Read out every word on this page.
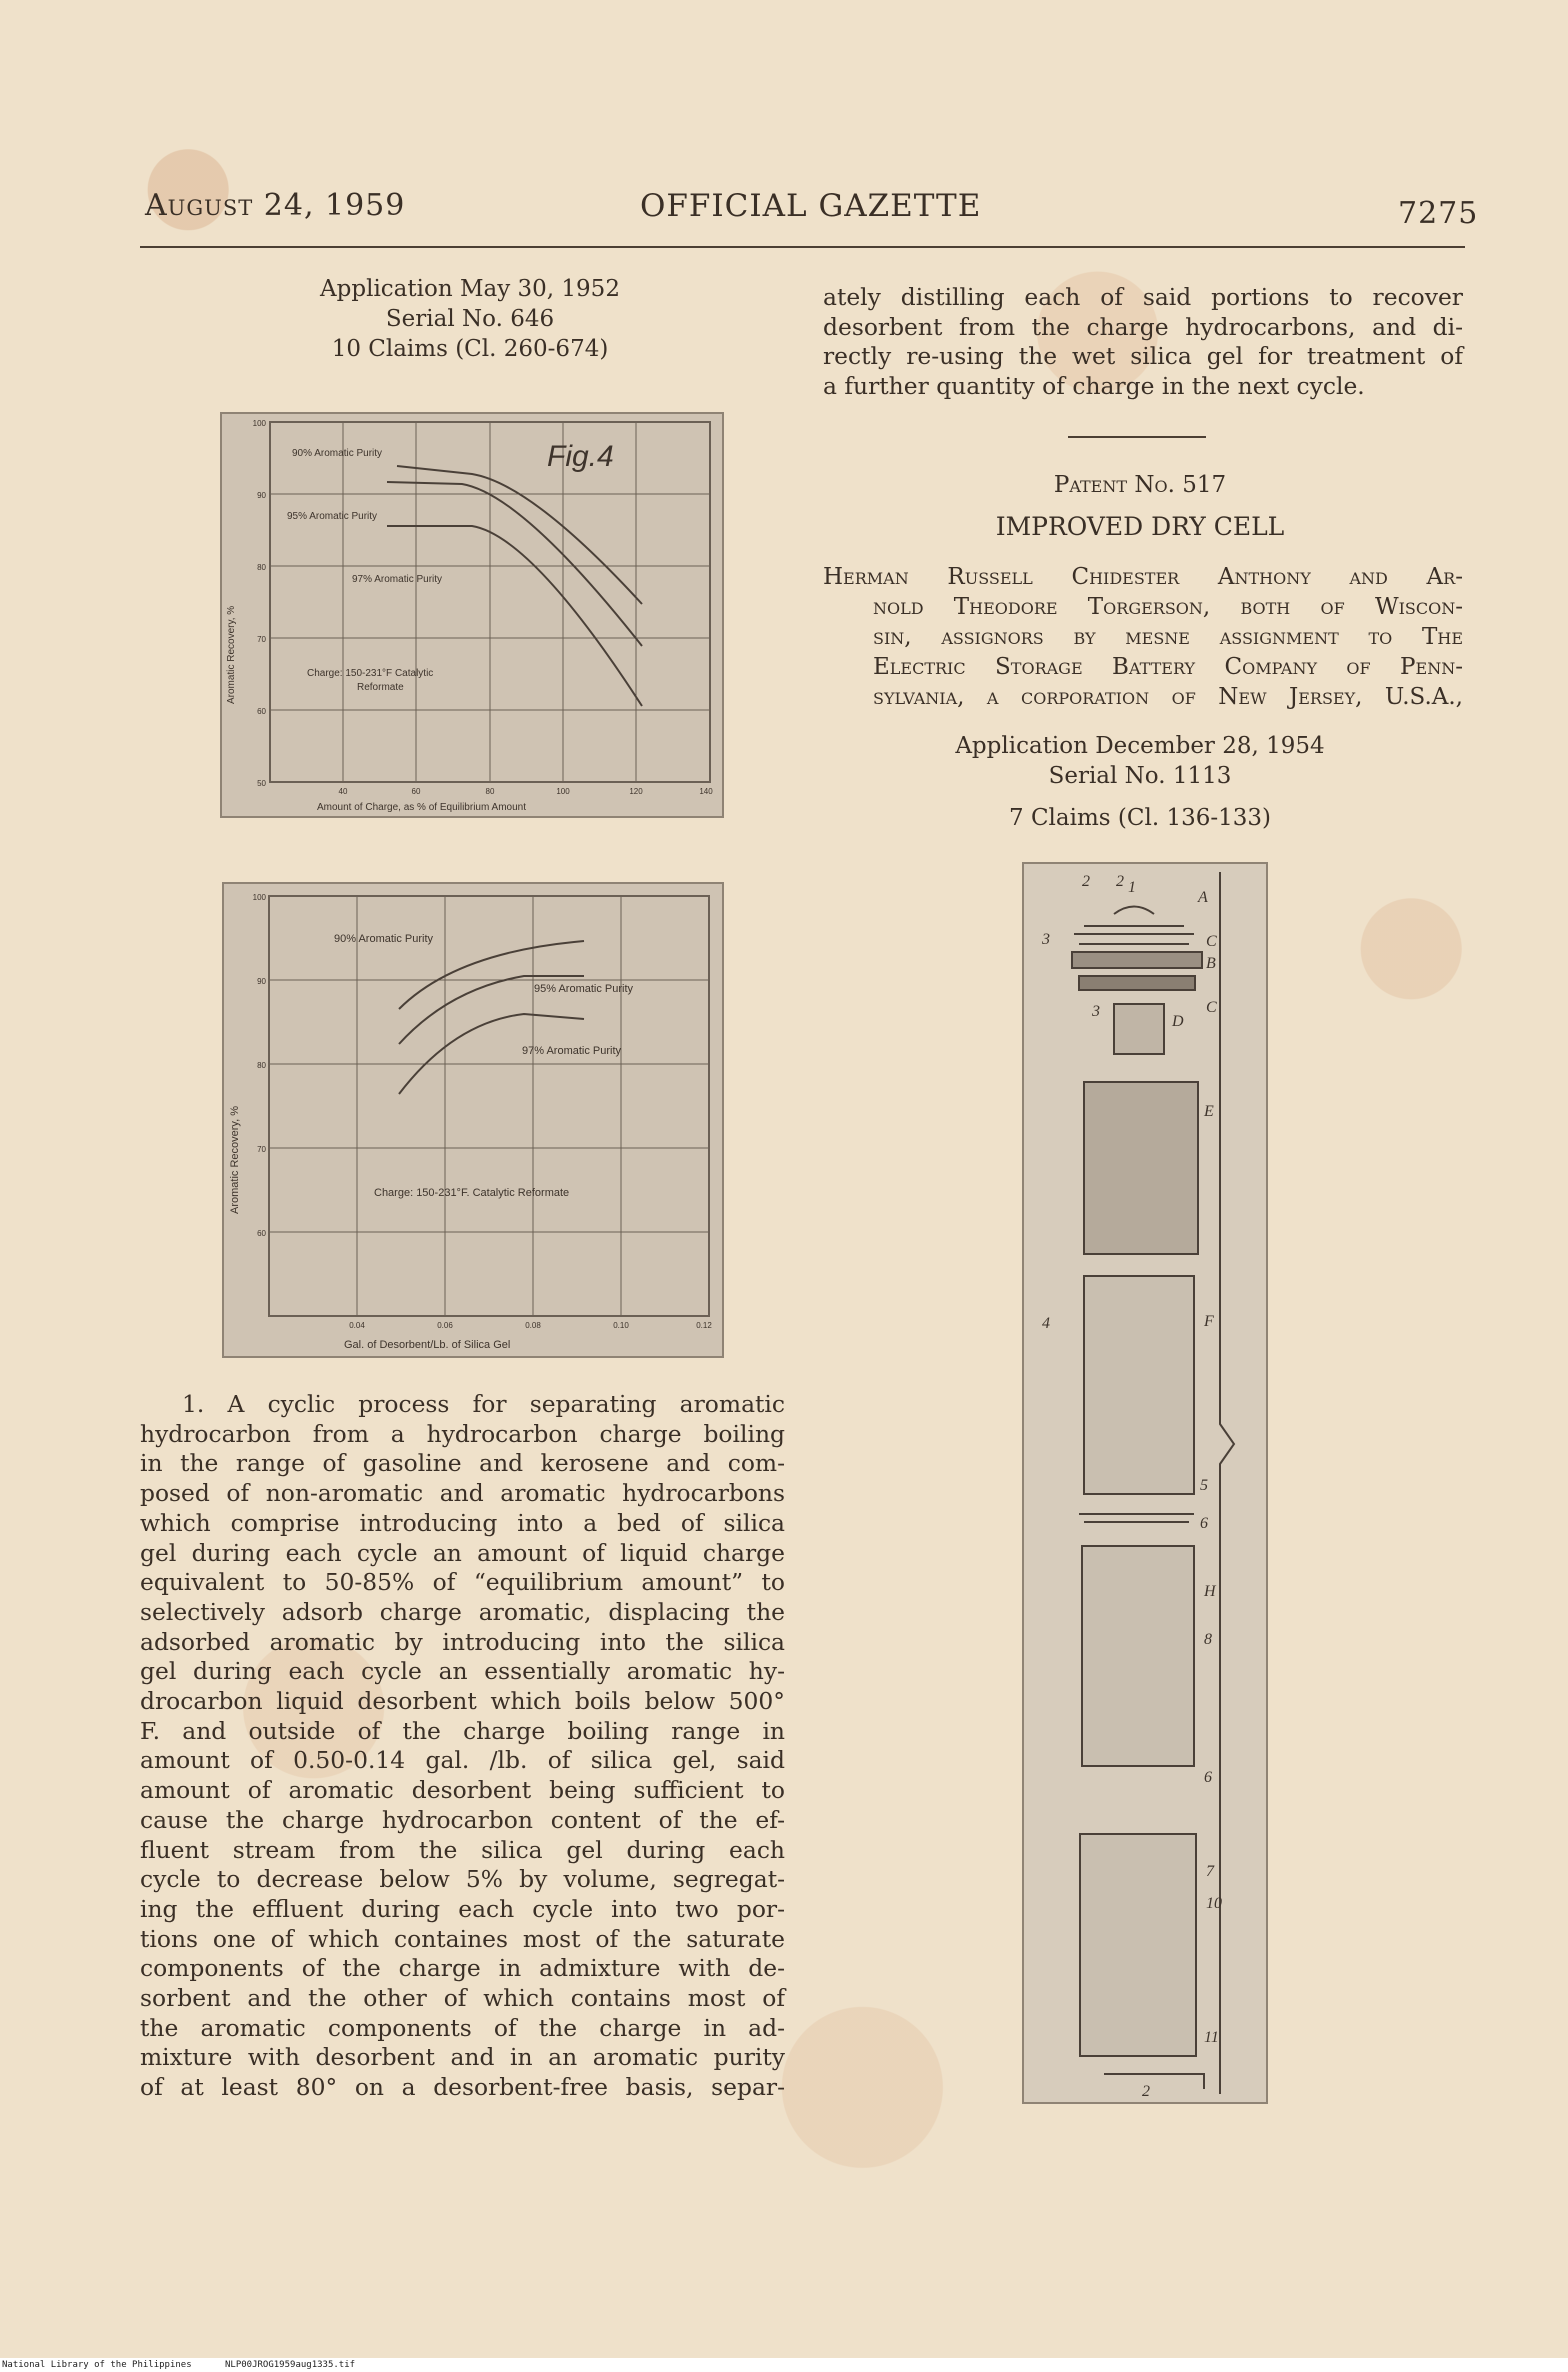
August 24, 1959	OFFICIAL GAZETTE	7275
Application May 30, 1952
Serial No. 646
10 Claims (Cl. 260-674)
Fig.4
90% Aromatic Purity
95% Aromatic Purity
97% Aromatic Purity
Charge: 150-231°F Catalytic
Reformate
Amount of Charge, as % of Equilibrium Amount
Aromatic Recovery, %
100
90
80
70
60
50
40	60	80	100	120	140
90% Aromatic Purity
95% Aromatic Purity
97% Aromatic Purity
Charge: 150-231°F. Catalytic Reformate
Gal. of Desorbent/Lb. of Silica Gel
Aromatic Recovery, %
100
90
80
70
60
0.04	0.06	0.08	0.10	0.12
1. A cyclic process for separating aromatic
hydrocarbon from a hydrocarbon charge boiling
in the range of gasoline and kerosene and com-
posed of non-aromatic and aromatic hydrocarbons
which comprise introducing into a bed of silica
gel during each cycle an amount of liquid charge
equivalent to 50-85% of “equilibrium amount” to
selectively adsorb charge aromatic, displacing the
adsorbed aromatic by introducing into the silica
gel during each cycle an essentially aromatic hy-
drocarbon liquid desorbent which boils below 500°
F. and outside of the charge boiling range in
amount of 0.50-0.14 gal. /lb. of silica gel, said
amount of aromatic desorbent being sufficient to
cause the charge hydrocarbon content of the ef-
fluent stream from the silica gel during each
cycle to decrease below 5% by volume, segregat-
ing the effluent during each cycle into two por-
tions one of which containes most of the saturate
components of the charge in admixture with de-
sorbent and the other of which contains most of
the aromatic components of the charge in ad-
mixture with desorbent and in an aromatic purity
of at least 80° on a desorbent-free basis, separ-
ately distilling each of said portions to recover
desorbent from the charge hydrocarbons, and di-
rectly re-using the wet silica gel for treatment of
a further quantity of charge in the next cycle.
Patent No. 517
IMPROVED DRY CELL
Herman Russell Chidester Anthony and Ar-
nold Theodore Torgerson, both of Wiscon-
sin, assignors by mesne assignment to The
Electric Storage Battery Company of Penn-
sylvania, a corporation of New Jersey, U.S.A.,
Application December 28, 1954
Serial No. 1113
7 Claims (Cl. 136-133)
2 2 1
A
C
B
C
3
3
D
E
4	F
5
6
H
8
6
7
10
11
2
National Library of the Philippines	NLP00JROG1959aug1335.tif
